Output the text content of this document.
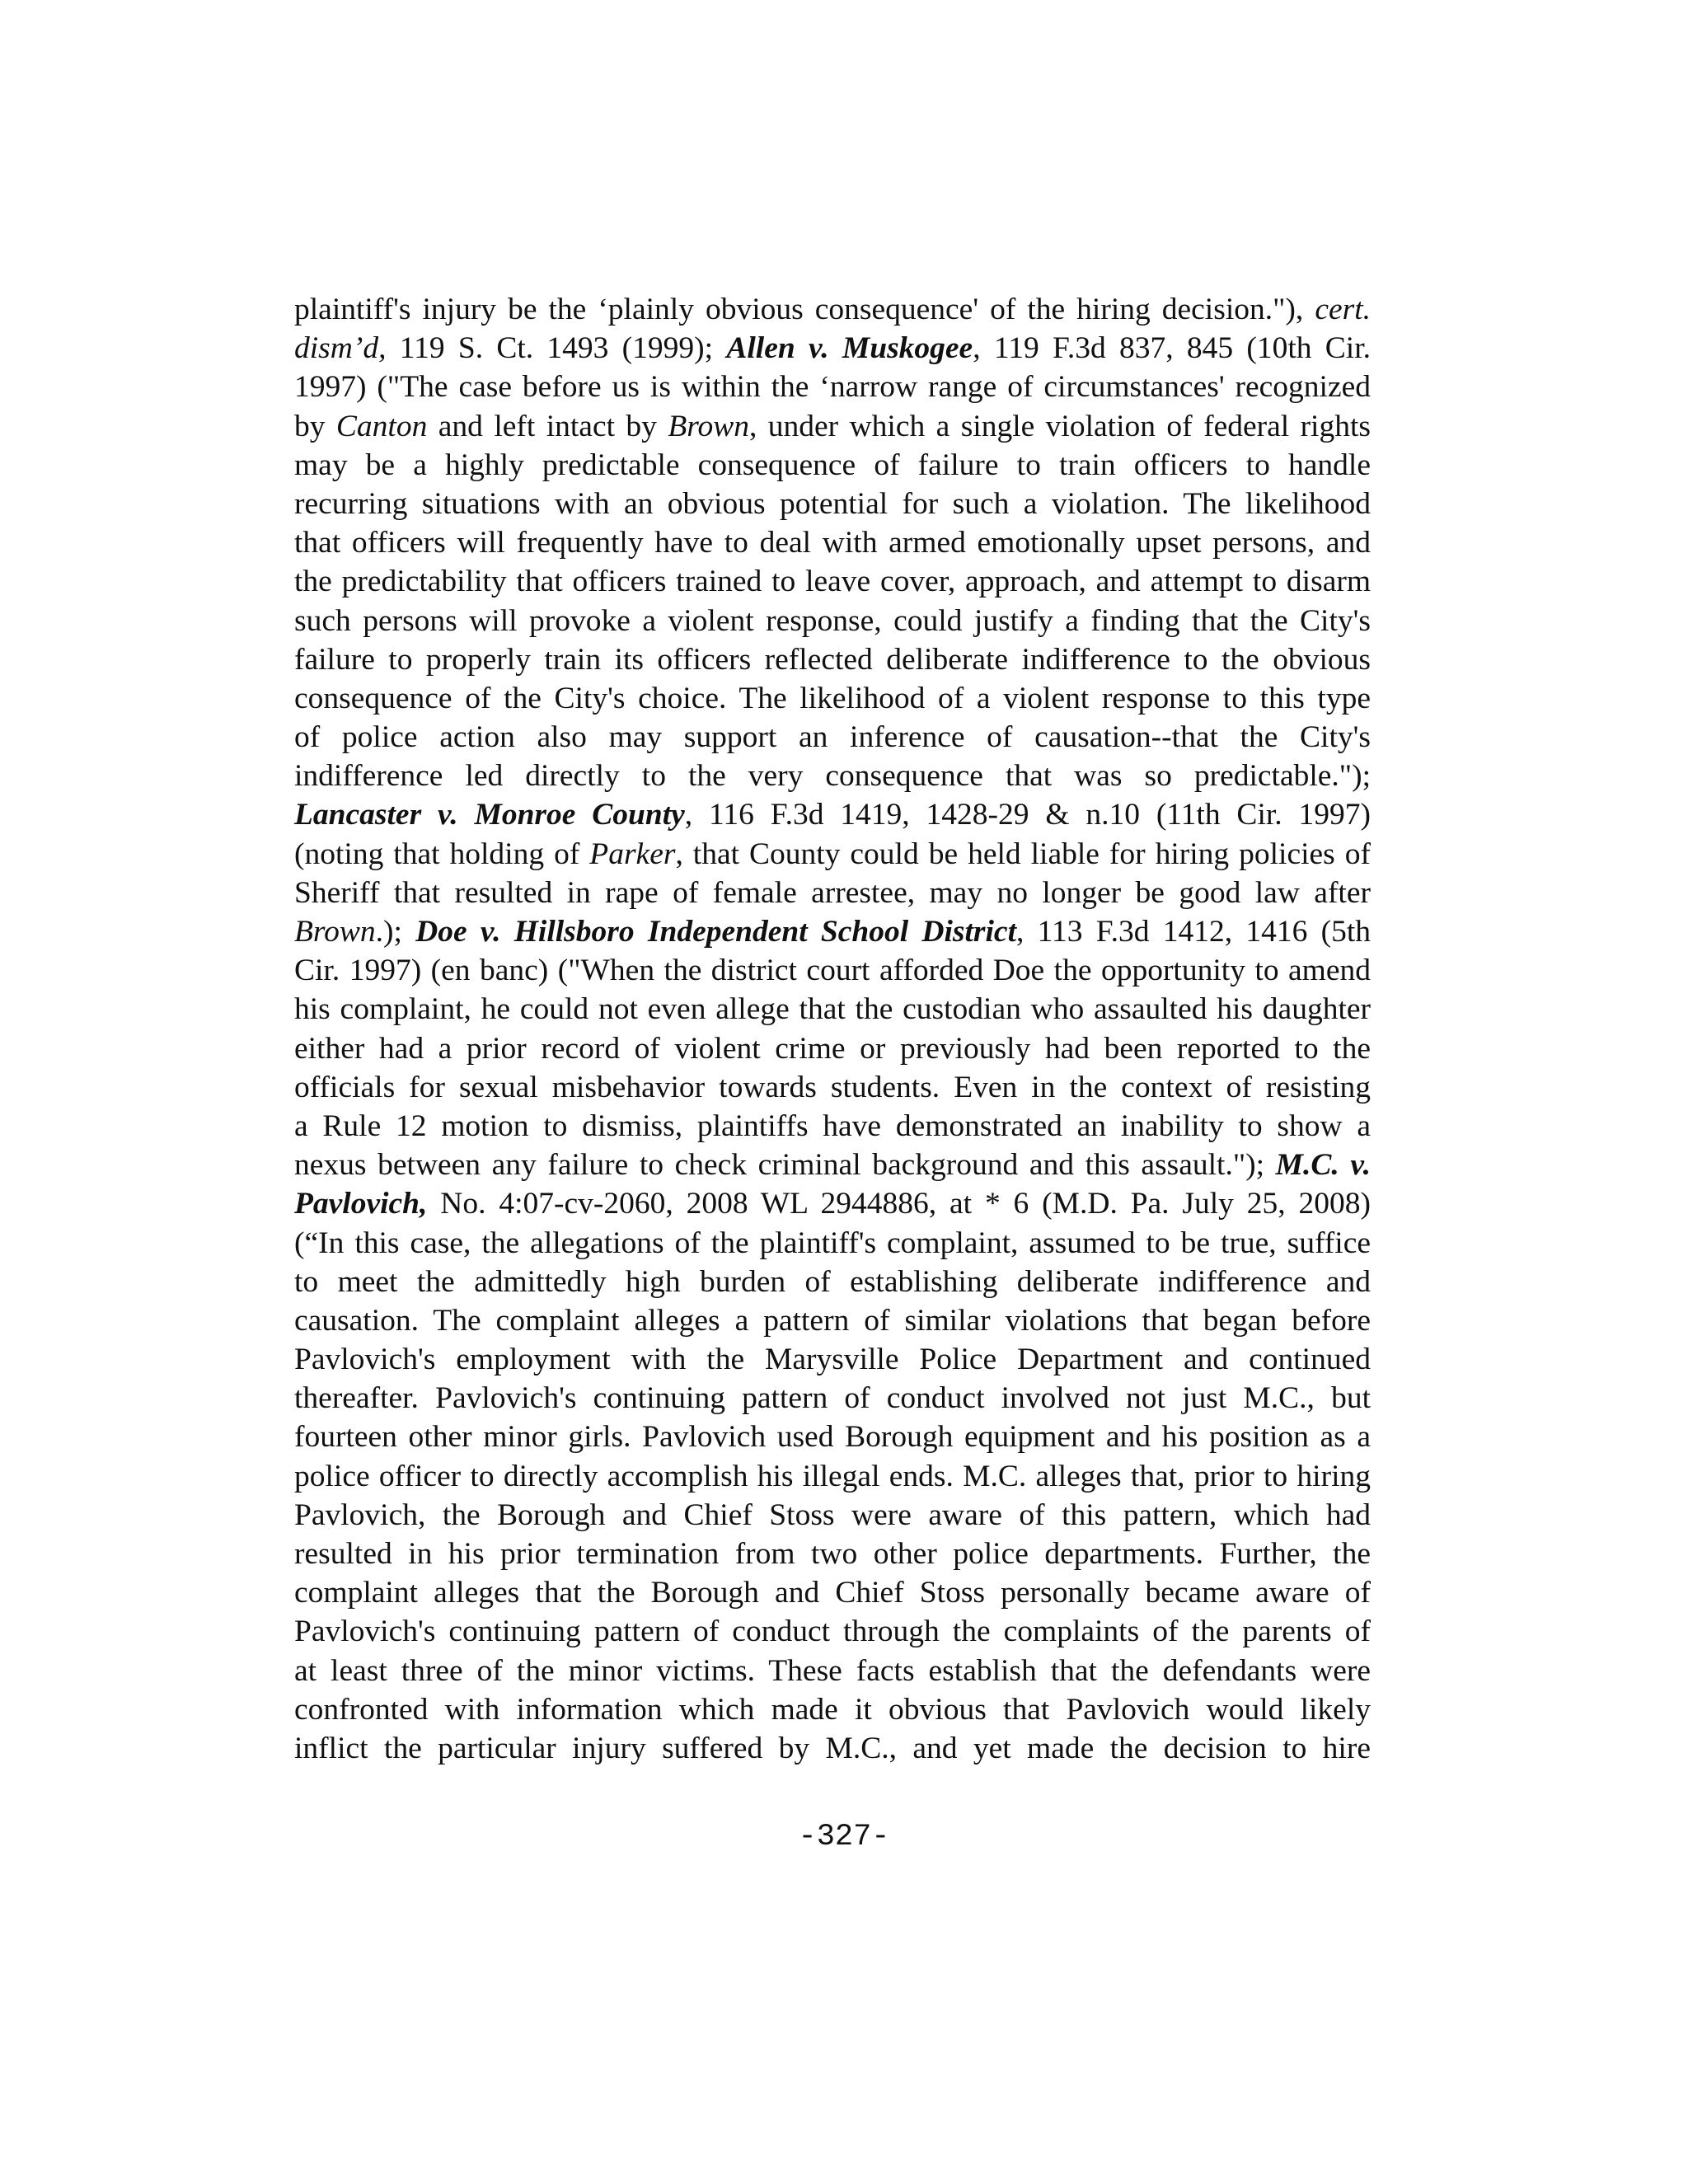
plaintiff's injury be the ‘plainly obvious consequence' of the hiring decision."), cert.
dism’d, 119 S. Ct. 1493 (1999); Allen v. Muskogee, 119 F.3d 837, 845 (10th Cir.
1997) ("The case before us is within the ‘narrow range of circumstances' recognized
by Canton and left intact by Brown, under which a single violation of federal rights
may be a highly predictable consequence of failure to train officers to handle
recurring situations with an obvious potential for such a violation. The likelihood
that officers will frequently have to deal with armed emotionally upset persons, and
the predictability that officers trained to leave cover, approach, and attempt to disarm
such persons will provoke a violent response, could justify a finding that the City's
failure to properly train its officers reflected deliberate indifference to the obvious
consequence of the City's choice. The likelihood of a violent response to this type
of police action also may support an inference of causation--that the City's
indifference led directly to the very consequence that was so predictable.");
Lancaster v. Monroe County, 116 F.3d 1419, 1428-29 & n.10 (11th Cir. 1997)
(noting that holding of Parker, that County could be held liable for hiring policies of
Sheriff that resulted in rape of female arrestee, may no longer be good law after
Brown.); Doe v. Hillsboro Independent School District, 113 F.3d 1412, 1416 (5th
Cir. 1997) (en banc) ("When the district court afforded Doe the opportunity to amend
his complaint, he could not even allege that the custodian who assaulted his daughter
either had a prior record of violent crime or previously had been reported to the
officials for sexual misbehavior towards students. Even in the context of resisting
a Rule 12 motion to dismiss, plaintiffs have demonstrated an inability to show a
nexus between any failure to check criminal background and this assault."); M.C. v.
Pavlovich, No. 4:07-cv-2060, 2008 WL 2944886, at * 6 (M.D. Pa. July 25, 2008)
(“In this case, the allegations of the plaintiff's complaint, assumed to be true, suffice
to meet the admittedly high burden of establishing deliberate indifference and
causation. The complaint alleges a pattern of similar violations that began before
Pavlovich's employment with the Marysville Police Department and continued
thereafter. Pavlovich's continuing pattern of conduct involved not just M.C., but
fourteen other minor girls. Pavlovich used Borough equipment and his position as a
police officer to directly accomplish his illegal ends. M.C. alleges that, prior to hiring
Pavlovich, the Borough and Chief Stoss were aware of this pattern, which had
resulted in his prior termination from two other police departments. Further, the
complaint alleges that the Borough and Chief Stoss personally became aware of
Pavlovich's continuing pattern of conduct through the complaints of the parents of
at least three of the minor victims. These facts establish that the defendants were
confronted with information which made it obvious that Pavlovich would likely
inflict the particular injury suffered by M.C., and yet made the decision to hire
-327-
